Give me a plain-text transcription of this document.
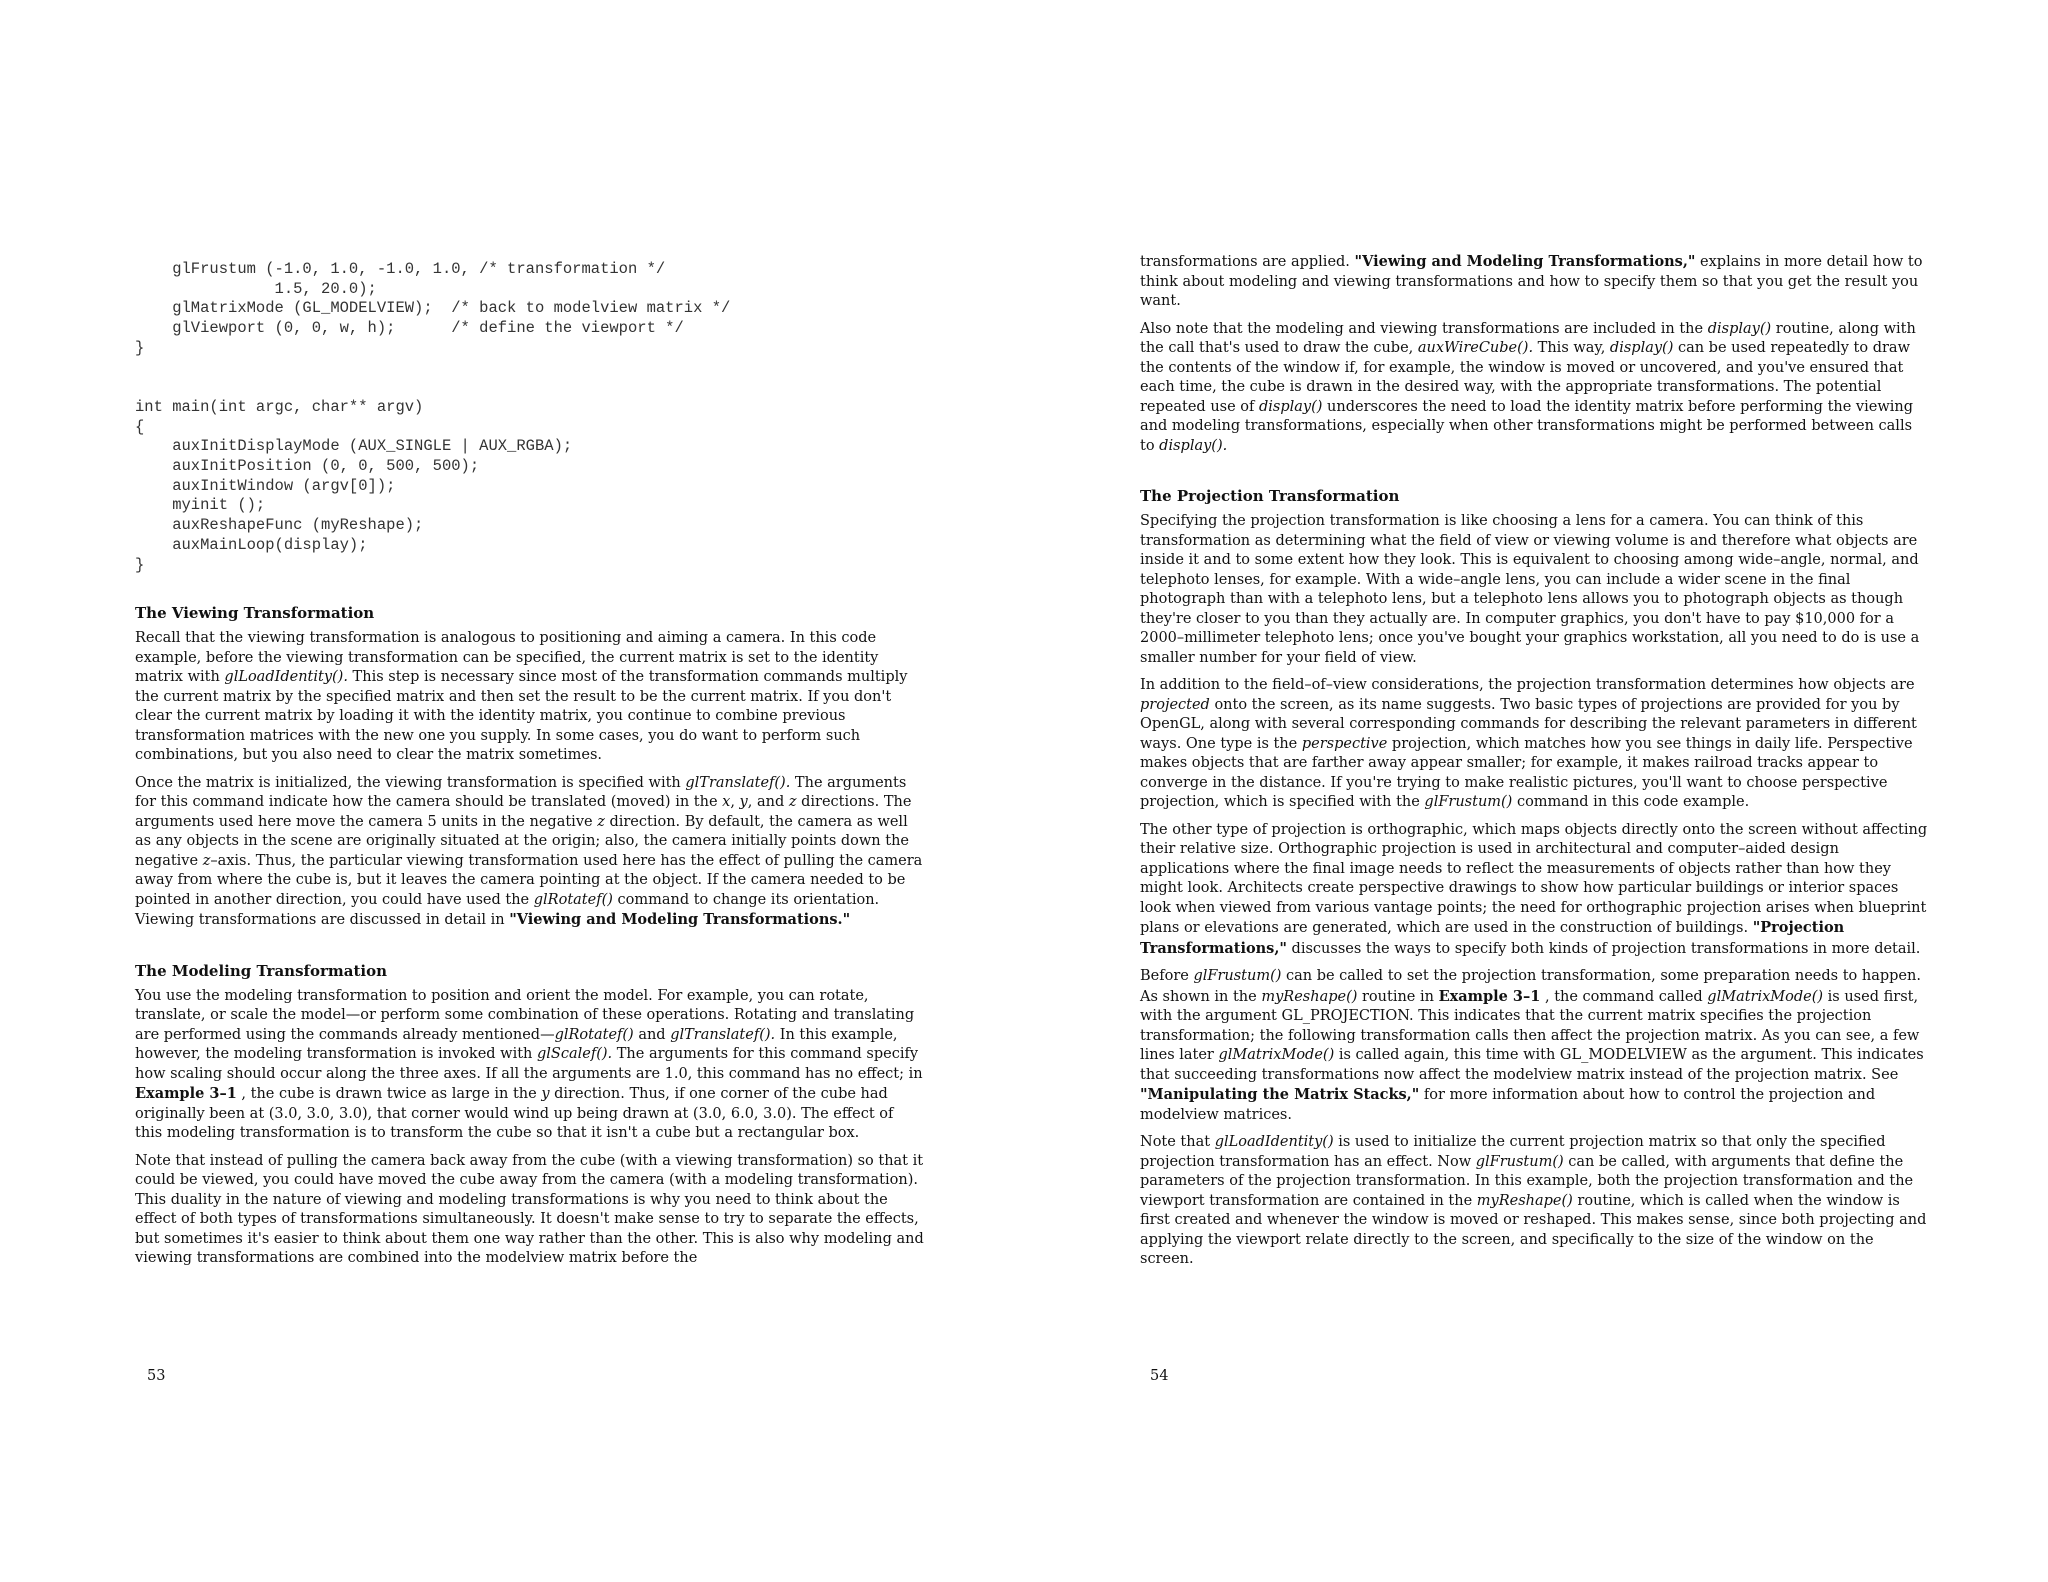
glFrustum (-1.0, 1.0, -1.0, 1.0, /* transformation */
1.5, 20.0);
glMatrixMode (GL_MODELVIEW);  /* back to modelview matrix */
glViewport (0, 0, w, h);      /* define the viewport */
}

int main(int argc, char** argv)
{
auxInitDisplayMode (AUX_SINGLE | AUX_RGBA);
auxInitPosition (0, 0, 500, 500);
auxInitWindow (argv[0]);
myinit ();
auxReshapeFunc (myReshape);
auxMainLoop(display);
}
The Viewing Transformation

Recall that the viewing transformation is analogous to positioning and aiming a camera. In this code example, before the viewing transformation can be specified, the current matrix is set to the identity matrix with glLoadIdentity(). This step is necessary since most of the transformation commands multiply the current matrix by the specified matrix and then set the result to be the current matrix. If you don't clear the current matrix by loading it with the identity matrix, you continue to combine previous transformation matrices with the new one you supply. In some cases, you do want to perform such combinations, but you also need to clear the matrix sometimes.

Once the matrix is initialized, the viewing transformation is specified with glTranslatef(). The arguments for this command indicate how the camera should be translated (moved) in the x, y, and z directions. The arguments used here move the camera 5 units in the negative z direction. By default, the camera as well as any objects in the scene are originally situated at the origin; also, the camera initially points down the negative z–axis. Thus, the particular viewing transformation used here has the effect of pulling the camera away from where the cube is, but it leaves the camera pointing at the object. If the camera needed to be pointed in another direction, you could have used the glRotatef() command to change its orientation. Viewing transformations are discussed in detail in "Viewing and Modeling Transformations."

The Modeling Transformation

You use the modeling transformation to position and orient the model. For example, you can rotate, translate, or scale the model—or perform some combination of these operations. Rotating and translating are performed using the commands already mentioned—glRotatef() and glTranslatef(). In this example, however, the modeling transformation is invoked with glScalef(). The arguments for this command specify how scaling should occur along the three axes. If all the arguments are 1.0, this command has no effect; in Example 3–1 , the cube is drawn twice as large in the y direction. Thus, if one corner of the cube had originally been at (3.0, 3.0, 3.0), that corner would wind up being drawn at (3.0, 6.0, 3.0). The effect of this modeling transformation is to transform the cube so that it isn't a cube but a rectangular box.

Note that instead of pulling the camera back away from the cube (with a viewing transformation) so that it could be viewed, you could have moved the cube away from the camera (with a modeling transformation). This duality in the nature of viewing and modeling transformations is why you need to think about the effect of both types of transformations simultaneously. It doesn't make sense to try to separate the effects, but sometimes it's easier to think about them one way rather than the other. This is also why modeling and viewing transformations are combined into the modelview matrix before the

53

transformations are applied. "Viewing and Modeling Transformations," explains in more detail how to think about modeling and viewing transformations and how to specify them so that you get the result you want.

Also note that the modeling and viewing transformations are included in the display() routine, along with the call that's used to draw the cube, auxWireCube(). This way, display() can be used repeatedly to draw the contents of the window if, for example, the window is moved or uncovered, and you've ensured that each time, the cube is drawn in the desired way, with the appropriate transformations. The potential repeated use of display() underscores the need to load the identity matrix before performing the viewing and modeling transformations, especially when other transformations might be performed between calls to display().

The Projection Transformation

Specifying the projection transformation is like choosing a lens for a camera. You can think of this transformation as determining what the field of view or viewing volume is and therefore what objects are inside it and to some extent how they look. This is equivalent to choosing among wide–angle, normal, and telephoto lenses, for example. With a wide–angle lens, you can include a wider scene in the final photograph than with a telephoto lens, but a telephoto lens allows you to photograph objects as though they're closer to you than they actually are. In computer graphics, you don't have to pay $10,000 for a 2000–millimeter telephoto lens; once you've bought your graphics workstation, all you need to do is use a smaller number for your field of view.

In addition to the field–of–view considerations, the projection transformation determines how objects are projected onto the screen, as its name suggests. Two basic types of projections are provided for you by OpenGL, along with several corresponding commands for describing the relevant parameters in different ways. One type is the perspective projection, which matches how you see things in daily life. Perspective makes objects that are farther away appear smaller; for example, it makes railroad tracks appear to converge in the distance. If you're trying to make realistic pictures, you'll want to choose perspective projection, which is specified with the glFrustum() command in this code example.

The other type of projection is orthographic, which maps objects directly onto the screen without affecting their relative size. Orthographic projection is used in architectural and computer–aided design applications where the final image needs to reflect the measurements of objects rather than how they might look. Architects create perspective drawings to show how particular buildings or interior spaces look when viewed from various vantage points; the need for orthographic projection arises when blueprint plans or elevations are generated, which are used in the construction of buildings. "Projection Transformations," discusses the ways to specify both kinds of projection transformations in more detail.

Before glFrustum() can be called to set the projection transformation, some preparation needs to happen. As shown in the myReshape() routine in Example 3–1 , the command called glMatrixMode() is used first, with the argument GL_PROJECTION. This indicates that the current matrix specifies the projection transformation; the following transformation calls then affect the projection matrix. As you can see, a few lines later glMatrixMode() is called again, this time with GL_MODELVIEW as the argument. This indicates that succeeding transformations now affect the modelview matrix instead of the projection matrix. See "Manipulating the Matrix Stacks," for more information about how to control the projection and modelview matrices.

Note that glLoadIdentity() is used to initialize the current projection matrix so that only the specified projection transformation has an effect. Now glFrustum() can be called, with arguments that define the parameters of the projection transformation. In this example, both the projection transformation and the viewport transformation are contained in the myReshape() routine, which is called when the window is first created and whenever the window is moved or reshaped. This makes sense, since both projecting and applying the viewport relate directly to the screen, and specifically to the size of the window on the screen.

54
